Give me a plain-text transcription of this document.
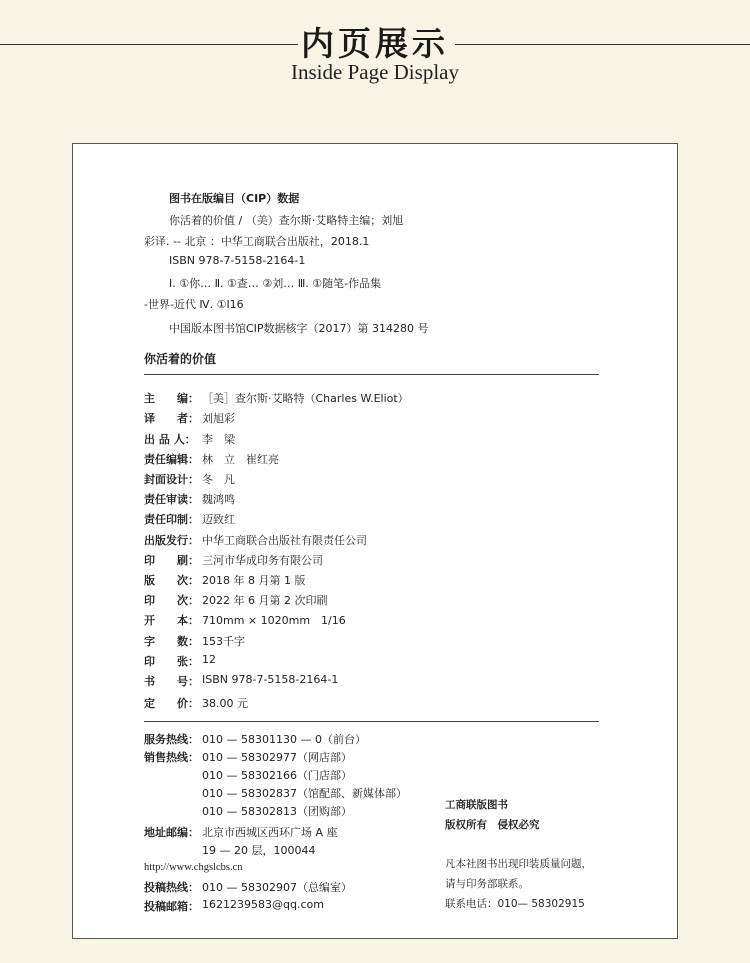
内页展示
Inside Page Display
图书在版编目（CIP）数据
你活着的价值 / （美）查尔斯·艾略特主编；刘旭
彩译. -- 北京 ：中华工商联合出版社，2018.1
ISBN 978-7-5158-2164-1
Ⅰ. ①你… Ⅱ. ①查… ②刘… Ⅲ. ①随笔-作品集
-世界-近代 Ⅳ. ①I16
中国版本图书馆CIP数据核字（2017）第 314280 号
你活着的价值
主　　编： ［美］查尔斯·艾略特（Charles W.Eliot）
译　　者： 刘旭彩
出 品 人： 李　梁
责任编辑： 林　立　崔红亮
封面设计： 冬　凡
责任审读： 魏鸿鸣
责任印制： 迈致红
出版发行： 中华工商联合出版社有限责任公司
印　　刷： 三河市华成印务有限公司
版　　次： 2018 年 8 月第 1 版
印　　次： 2022 年 6 月第 2 次印刷
开　　本： 710mm × 1020mm　1/16
字　　数： 153千字
印　　张： 12
书　　号： ISBN 978-7-5158-2164-1
定　　价： 38.00 元
服务热线： 010 — 58301130 — 0（前台）
销售热线： 010 — 58302977（网店部）
010 — 58302166（门店部）
010 — 58302837（馆配部、新媒体部）
010 — 58302813（团购部）
地址邮编： 北京市西城区西环广场 A 座
19 — 20 层，100044
http://www.chgslcbs.cn
投稿热线： 010 — 58302907（总编室）
投稿邮箱： 1621239583@qq.com
工商联版图书
版权所有　侵权必究
凡本社图书出现印装质量问题，
请与印务部联系。
联系电话：010— 58302915
